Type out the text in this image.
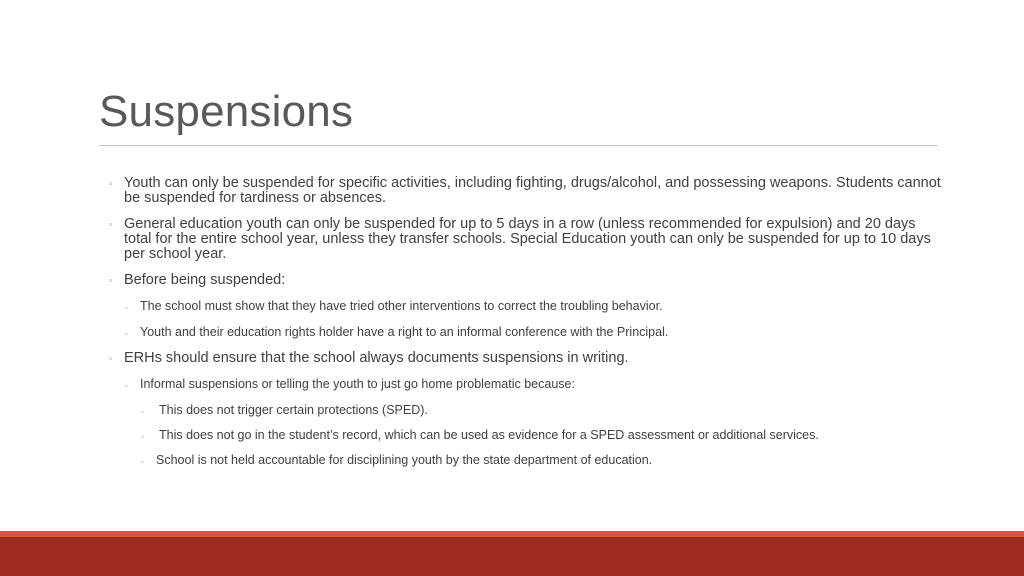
Suspensions
◦ Youth can only be suspended for specific activities, including fighting, drugs/alcohol, and possessing weapons. Students cannot be suspended for tardiness or absences.
◦ General education youth can only be suspended for up to 5 days in a row (unless recommended for expulsion) and 20 days total for the entire school year, unless they transfer schools. Special Education youth can only be suspended for up to 10 days per school year.
◦ Before being suspended:
◦ The school must show that they have tried other interventions to correct the troubling behavior.
◦ Youth and their education rights holder have a right to an informal conference with the Principal.
◦ ERHs should ensure that the school always documents suspensions in writing.
◦ Informal suspensions or telling the youth to just go home problematic because:
◦ This does not trigger certain protections (SPED).
◦ This does not go in the student’s record, which can be used as evidence for a SPED assessment or additional services.
◦ School is not held accountable for disciplining youth by the state department of education.
